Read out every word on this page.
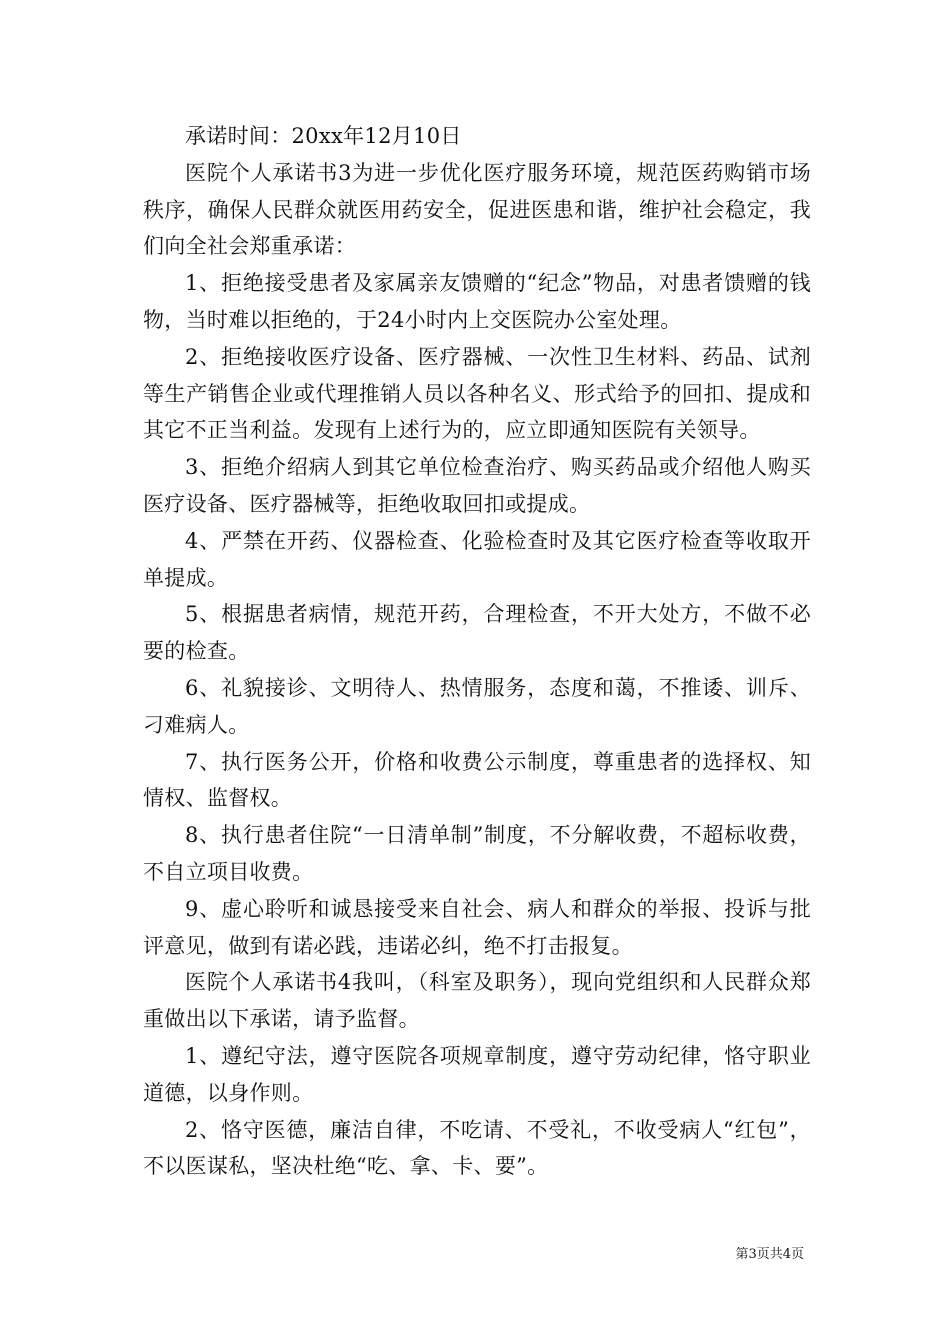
承诺时间：20xx年12月10日

医院个人承诺书3为进一步优化医疗服务环境，规范医药购销市场秩序，确保人民群众就医用药安全，促进医患和谐，维护社会稳定，我们向全社会郑重承诺：

1、拒绝接受患者及家属亲友馈赠的“纪念”物品，对患者馈赠的钱物，当时难以拒绝的，于24小时内上交医院办公室处理。

2、拒绝接收医疗设备、医疗器械、一次性卫生材料、药品、试剂等生产销售企业或代理推销人员以各种名义、形式给予的回扣、提成和其它不正当利益。发现有上述行为的，应立即通知医院有关领导。

3、拒绝介绍病人到其它单位检查治疗、购买药品或介绍他人购买医疗设备、医疗器械等，拒绝收取回扣或提成。

4、严禁在开药、仪器检查、化验检查时及其它医疗检查等收取开单提成。

5、根据患者病情，规范开药，合理检查，不开大处方，不做不必要的检查。

6、礼貌接诊、文明待人、热情服务，态度和蔼，不推诿、训斥、刁难病人。

7、执行医务公开，价格和收费公示制度，尊重患者的选择权、知情权、监督权。

8、执行患者住院“一日清单制”制度，不分解收费，不超标收费，不自立项目收费。

9、虚心聆听和诚恳接受来自社会、病人和群众的举报、投诉与批评意见，做到有诺必践，违诺必纠，绝不打击报复。

医院个人承诺书4我叫，（科室及职务），现向党组织和人民群众郑重做出以下承诺，请予监督。

1、遵纪守法，遵守医院各项规章制度，遵守劳动纪律，恪守职业道德，以身作则。

2、恪守医德，廉洁自律，不吃请、不受礼，不收受病人“红包”，不以医谋私，坚决杜绝“吃、拿、卡、要”。

第3页共4页
